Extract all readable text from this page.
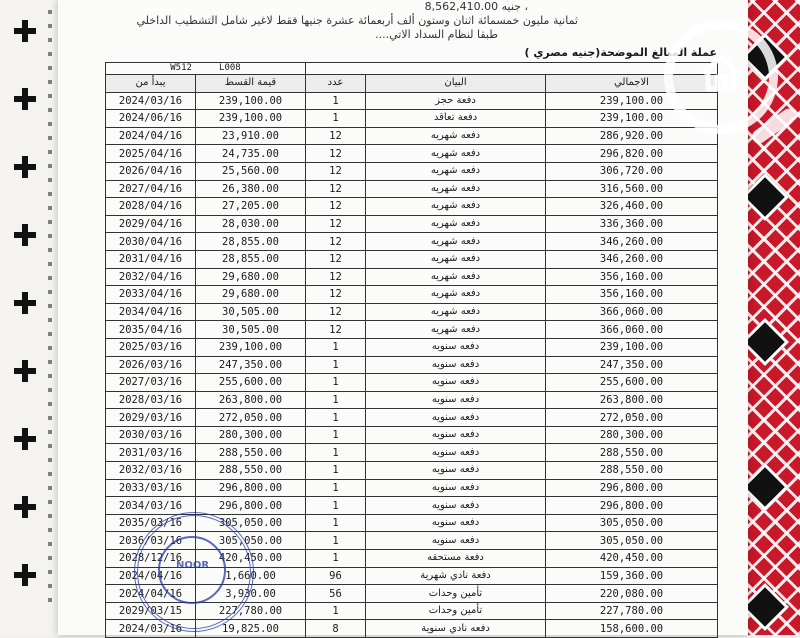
8,562,410.00 جنيه ،
ثمانية مليون خمسمائة اثنان وستون ألف أربعمائة عشرة جنيها فقط لاغير شامل التشطيب الداخلي
طبقا لنظام السداد الاتي....
عملة المبالغ الموضحة(جنيه مصري )
W512 L008				
يبدأ من	قيمة القسط	عدد	البيان	الاجمالي
2024/03/16	239,100.00	1	دفعة حجز	239,100.00
2024/06/16	239,100.00	1	دفعة تعاقد	239,100.00
2024/04/16	23,910.00	12	دفعه شهريه	286,920.00
2025/04/16	24,735.00	12	دفعه شهريه	296,820.00
2026/04/16	25,560.00	12	دفعه شهريه	306,720.00
2027/04/16	26,380.00	12	دفعه شهريه	316,560.00
2028/04/16	27,205.00	12	دفعه شهريه	326,460.00
2029/04/16	28,030.00	12	دفعه شهريه	336,360.00
2030/04/16	28,855.00	12	دفعه شهريه	346,260.00
2031/04/16	28,855.00	12	دفعه شهريه	346,260.00
2032/04/16	29,680.00	12	دفعه شهريه	356,160.00
2033/04/16	29,680.00	12	دفعه شهريه	356,160.00
2034/04/16	30,505.00	12	دفعه شهريه	366,060.00
2035/04/16	30,505.00	12	دفعه شهريه	366,060.00
2025/03/16	239,100.00	1	دفعه سنويه	239,100.00
2026/03/16	247,350.00	1	دفعه سنويه	247,350.00
2027/03/16	255,600.00	1	دفعه سنويه	255,600.00
2028/03/16	263,800.00	1	دفعه سنويه	263,800.00
2029/03/16	272,050.00	1	دفعه سنويه	272,050.00
2030/03/16	280,300.00	1	دفعه سنويه	280,300.00
2031/03/16	288,550.00	1	دفعه سنويه	288,550.00
2032/03/16	288,550.00	1	دفعه سنويه	288,550.00
2033/03/16	296,800.00	1	دفعه سنويه	296,800.00
2034/03/16	296,800.00	1	دفعه سنويه	296,800.00
2035/03/16	305,050.00	1	دفعه سنويه	305,050.00
2036/03/16	305,050.00	1	دفعه سنويه	305,050.00
2028/12/16	420,450.00	1	دفعة مستحقه	420,450.00
2024/04/16	1,660.00	96	دفعة نادي شهرية	159,360.00
2024/04/16	3,930.00	56	تأمين وحدات	220,080.00
2029/03/15	227,780.00	1	تأمين وحدات	227,780.00
2024/03/16	19,825.00	8	دفعه نادي سنوية	158,600.00
NOOR
